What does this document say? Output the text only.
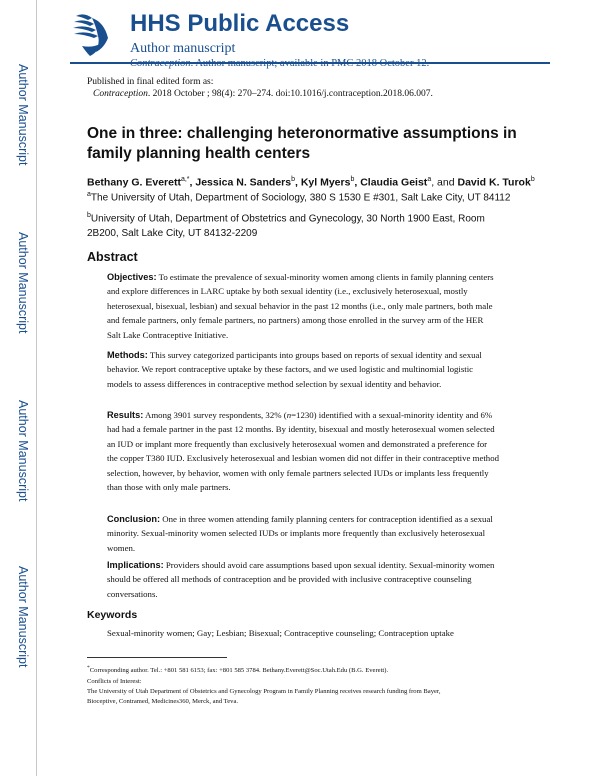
Author Manuscript
Author Manuscript
Author Manuscript
Author Manuscript
HHS Public Access
Author manuscript
Published in final edited form as:
Contraception. 2018 October ; 98(4): 270–274. doi:10.1016/j.contraception.2018.06.007.
One in three: challenging heteronormative assumptions in family planning health centers
Bethany G. Everett$^{a,*}$, Jessica N. Sanders$^b$, Kyl Myers$^b$, Claudia Geist$^a$, and David K. Turok$^b$
$^a$The University of Utah, Department of Sociology, 380 S 1530 E #301, Salt Lake City, UT 84112
$^b$University of Utah, Department of Obstetrics and Gynecology, 30 North 1900 East, Room 2B200, Salt Lake City, UT 84132-2209
Abstract
Objectives: To estimate the prevalence of sexual-minority women among clients in family planning centers and explore differences in LARC uptake by both sexual identity (i.e., exclusively heterosexual, mostly heterosexual, bisexual, lesbian) and sexual behavior in the past 12 months (i.e., only male partners, both male and female partners, only female partners, no partners) among those enrolled in the survey arm of the HER Salt Lake Contraceptive Initiative.
Methods: This survey categorized participants into groups based on reports of sexual identity and sexual behavior. We report contraceptive uptake by these factors, and we used logistic and multinomial logistic models to assess differences in contraceptive method selection by sexual identity and behavior.
Results: Among 3901 survey respondents, 32% (n=1230) identified with a sexual-minority identity and 6% had had a female partner in the past 12 months. By identity, bisexual and mostly heterosexual women selected an IUD or implant more frequently than exclusively heterosexual women and demonstrated a preference for the copper T380 IUD. Exclusively heterosexual and lesbian women did not differ in their contraceptive method selection, however, by behavior, women with only female partners selected IUDs or implants less frequently than those with only male partners.
Conclusion: One in three women attending family planning centers for contraception identified as a sexual minority. Sexual-minority women selected IUDs or implants more frequently than exclusively heterosexual women.
Implications: Providers should avoid care assumptions based upon sexual identity. Sexual-minority women should be offered all methods of contraception and be provided with inclusive contraceptive counseling conversations.
Keywords
Sexual-minority women; Gay; Lesbian; Bisexual; Contraceptive counseling; Contraception uptake
*Corresponding author. Tel.: +801 581 6153; fax: +801 585 3784. Bethany.Everett@Soc.Utah.Edu (B.G. Everett).
Conflicts of Interest:
The University of Utah Department of Obstetrics and Gynecology Program in Family Planning receives research funding from Bayer,
Bioceptive, Contramed, Medicines360, Merck, and Teva.
